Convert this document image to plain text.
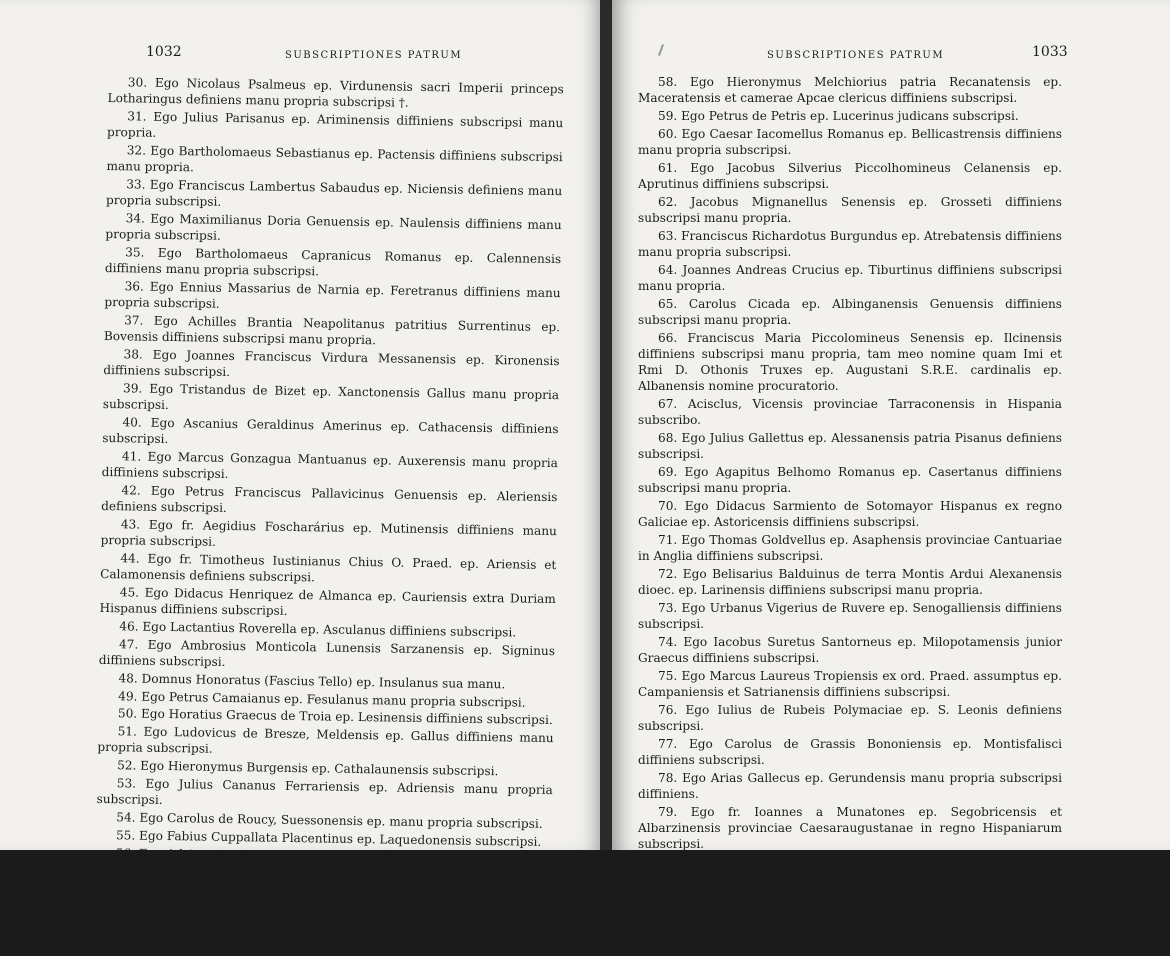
1032	SUBSCRIPTIONES PATRUM

30. Ego Nicolaus Psalmeus ep. Virdunensis sacri Imperii princeps Lotharingus definiens manu propria subscripsi †.

31. Ego Julius Parisanus ep. Ariminensis diffiniens subscripsi manu propria.

32. Ego Bartholomaeus Sebastianus ep. Pactensis diffiniens subscripsi manu propria.

33. Ego Franciscus Lambertus Sabaudus ep. Niciensis definiens manu propria subscripsi.

34. Ego Maximilianus Doria Genuensis ep. Naulensis diffiniens manu propria subscripsi.

35. Ego Bartholomaeus Capranicus Romanus ep. Calennensis diffiniens manu propria subscripsi.

36. Ego Ennius Massarius de Narnia ep. Feretranus diffiniens manu propria subscripsi.

37. Ego Achilles Brantia Neapolitanus patritius Surrentinus ep. Bovensis diffiniens subscripsi manu propria.

38. Ego Joannes Franciscus Virdura Messanensis ep. Kironensis diffiniens subscripsi.

39. Ego Tristandus de Bizet ep. Xanctonensis Gallus manu propria subscripsi.

40. Ego Ascanius Geraldinus Amerinus ep. Cathacensis diffiniens subscripsi.

41. Ego Marcus Gonzagua Mantuanus ep. Auxerensis manu propria diffiniens subscripsi.

42. Ego Petrus Franciscus Pallavicinus Genuensis ep. Aleriensis definiens subscripsi.

43. Ego fr. Aegidius Foscharárius ep. Mutinensis diffiniens manu propria subscripsi.

44. Ego fr. Timotheus Iustinianus Chius O. Praed. ep. Ariensis et Calamonensis definiens subscripsi.

45. Ego Didacus Henriquez de Almanca ep. Cauriensis extra Duriam Hispanus diffiniens subscripsi.

46. Ego Lactantius Roverella ep. Asculanus diffiniens subscripsi.

47. Ego Ambrosius Monticola Lunensis Sarzanensis ep. Signinus diffiniens subscripsi.

48. Domnus Honoratus (Fascius Tello) ep. Insulanus sua manu.

49. Ego Petrus Camaianus ep. Fesulanus manu propria subscripsi.

50. Ego Horatius Graecus de Troia ep. Lesinensis diffiniens subscripsi.

51. Ego Ludovicus de Bresze, Meldensis ep. Gallus diffiniens manu propria subscripsi.

52. Ego Hieronymus Burgensis ep. Cathalaunensis subscripsi.

53. Ego Julius Cananus Ferrariensis ep. Adriensis manu propria subscripsi.

54. Ego Carolus de Roucy, Suessonensis ep. manu propria subscripsi.

55. Ego Fabius Cuppallata Placentinus ep. Laquedonensis subscripsi.

56. Ego Adrianus Fusconius ep. Aquinas diffiniens subscripsi.

57. Ego fr. Antonius a S. Michaele Hispanus O. Min. obs. ep. Montismarani diffiniens subscripsi.

SUBSCRIPTIONES PATRUM	1033

58. Ego Hieronymus Melchiorius patria Recanatensis ep. Maceratensis et camerae Apcae clericus diffiniens subscripsi.

59. Ego Petrus de Petris ep. Lucerinus judicans subscripsi.

60. Ego Caesar Iacomellus Romanus ep. Bellicastrensis diffiniens manu propria subscripsi.

61. Ego Jacobus Silverius Piccolhomineus Celanensis ep. Aprutinus diffiniens subscripsi.

62. Jacobus Mignanellus Senensis ep. Grosseti diffiniens subscripsi manu propria.

63. Franciscus Richardotus Burgundus ep. Atrebatensis diffiniens manu propria subscripsi.

64. Joannes Andreas Crucius ep. Tiburtinus diffiniens subscripsi manu propria.

65. Carolus Cicada ep. Albinganensis Genuensis diffiniens subscripsi manu propria.

66. Franciscus Maria Piccolomineus Senensis ep. Ilcinensis diffiniens subscripsi manu propria, tam meo nomine quam Imi et Rmi D. Othonis Truxes ep. Augustani S.R.E. cardinalis ep. Albanensis nomine procuratorio.

67. Acisclus, Vicensis provinciae Tarraconensis in Hispania subscribo.

68. Ego Julius Gallettus ep. Alessanensis patria Pisanus definiens subscripsi.

69. Ego Agapitus Belhomo Romanus ep. Casertanus diffiniens subscripsi manu propria.

70. Ego Didacus Sarmiento de Sotomayor Hispanus ex regno Galiciae ep. Astoricensis diffiniens subscripsi.

71. Ego Thomas Goldvellus ep. Asaphensis provinciae Cantuariae in Anglia diffiniens subscripsi.

72. Ego Belisarius Balduinus de terra Montis Ardui Alexanensis dioec. ep. Larinensis diffiniens subscripsi manu propria.

73. Ego Urbanus Vigerius de Ruvere ep. Senogalliensis diffiniens subscripsi.

74. Ego Iacobus Suretus Santorneus ep. Milopotamensis junior Graecus diffiniens subscripsi.

75. Ego Marcus Laureus Tropiensis ex ord. Praed. assumptus ep. Campaniensis et Satrianensis diffiniens subscripsi.

76. Ego Iulius de Rubeis Polymaciae ep. S. Leonis definiens subscripsi.

77. Ego Carolus de Grassis Bononiensis ep. Montisfalisci diffiniens subscripsi.

78. Ego Arias Gallecus ep. Gerundensis manu propria subscripsi diffiniens.

79. Ego fr. Ioannes a Munatones ep. Segobricensis et Albarzinensis provinciae Caesaraugustanae in regno Hispaniarum subscripsi.

80. Ego Franciscus Blanco ep. Auriensis in Hispaniae regno Galeciae diffiniens subscripsi.

81. Ego Franciscus Bachodus Sabaudus ep. Gebennensis diffiniens subscripsi.

82. Ego Vincentius de Luchis Bononiensis ep. Anconae definiens subscripsi.
